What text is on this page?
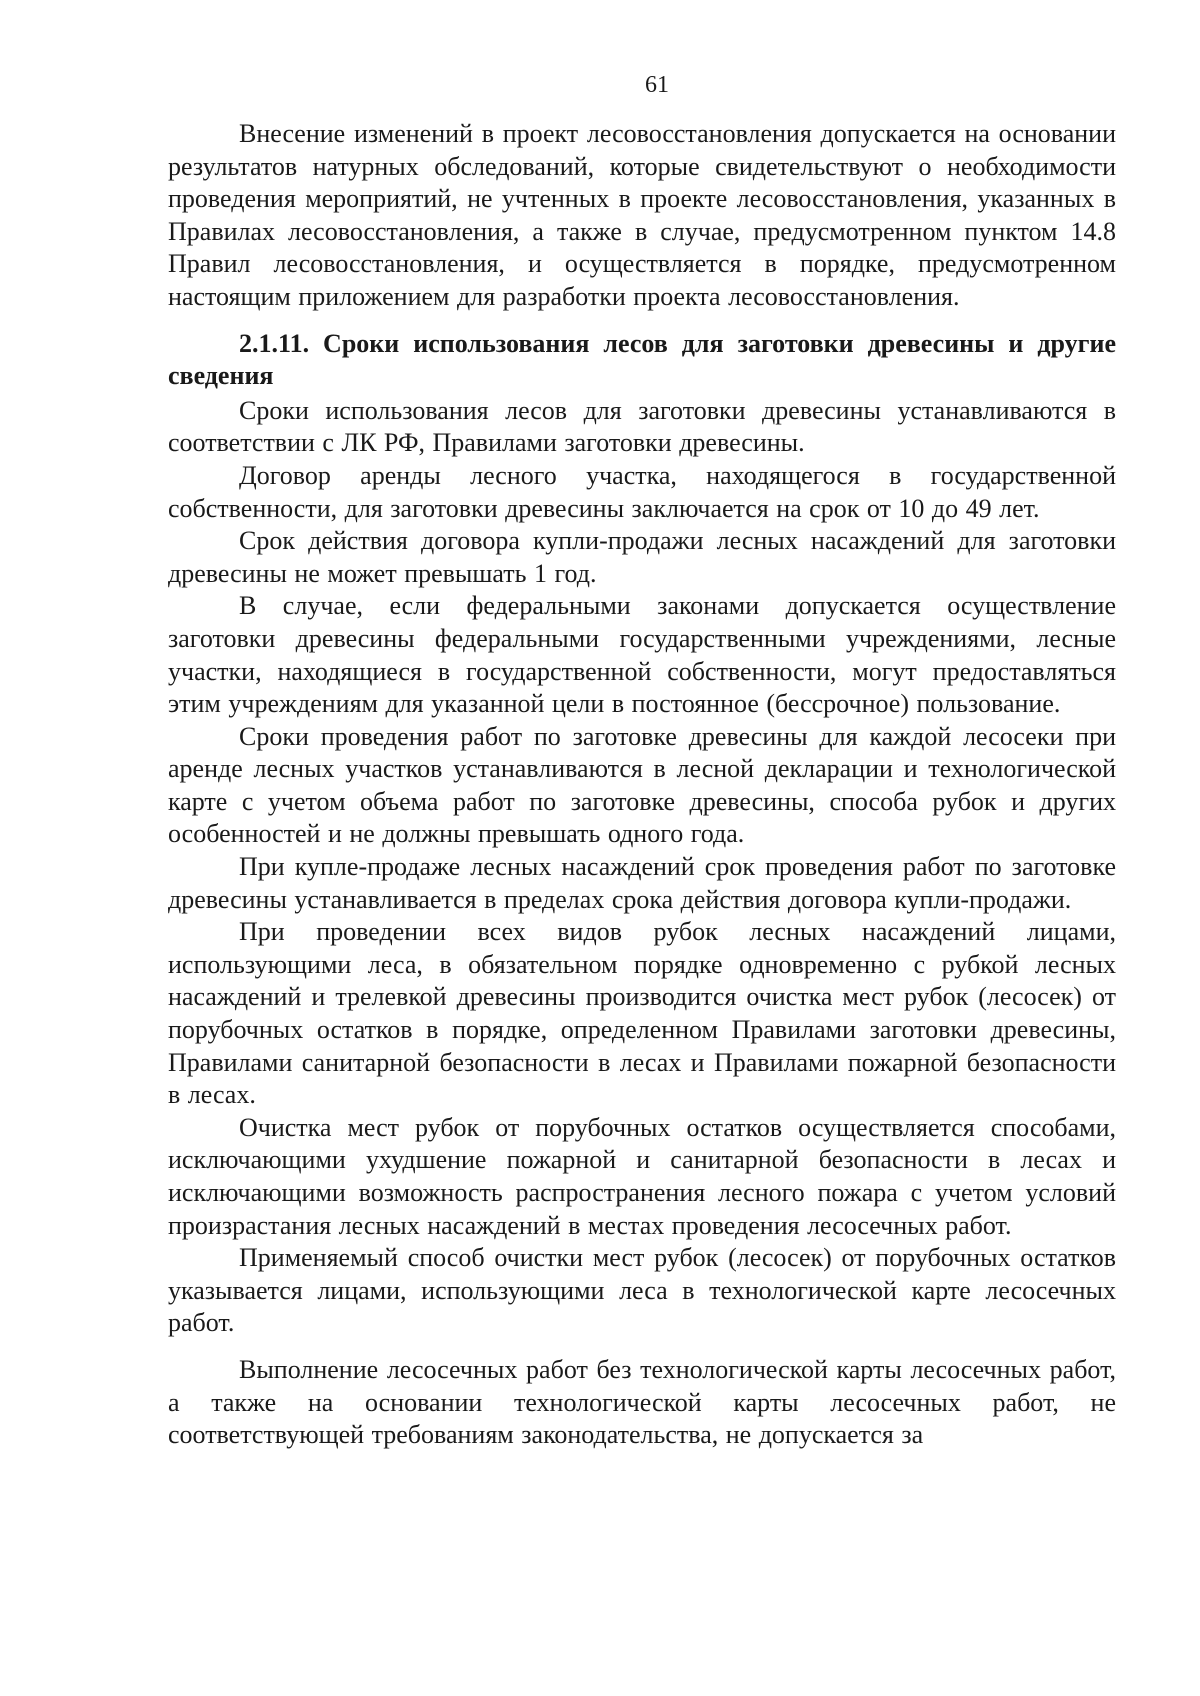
61

Внесение изменений в проект лесовосстановления допускается на основании результатов натурных обследований, которые свидетельствуют о необходимости проведения мероприятий, не учтенных в проекте лесовосстановления, указанных в Правилах лесовосстановления, а также в случае, предусмотренном пунктом 14.8 Правил лесовосстановления, и осуществляется в порядке, предусмотренном настоящим приложением для разработки проекта лесовосстановления.

2.1.11. Сроки использования лесов для заготовки древесины и другие сведения

Сроки использования лесов для заготовки древесины устанавливаются в соответствии с ЛК РФ, Правилами заготовки древесины.

Договор аренды лесного участка, находящегося в государственной собственности, для заготовки древесины заключается на срок от 10 до 49 лет.

Срок действия договора купли-продажи лесных насаждений для заготовки древесины не может превышать 1 год.

В случае, если федеральными законами допускается осуществление заготовки древесины федеральными государственными учреждениями, лесные участки, находящиеся в государственной собственности, могут предоставляться этим учреждениям для указанной цели в постоянное (бессрочное) пользование.

Сроки проведения работ по заготовке древесины для каждой лесосеки при аренде лесных участков устанавливаются в лесной декларации и технологической карте с учетом объема работ по заготовке древесины, способа рубок и других особенностей и не должны превышать одного года.

При купле-продаже лесных насаждений срок проведения работ по заготовке древесины устанавливается в пределах срока действия договора купли-продажи.

При проведении всех видов рубок лесных насаждений лицами, использующими леса, в обязательном порядке одновременно с рубкой лесных насаждений и трелевкой древесины производится очистка мест рубок (лесосек) от порубочных остатков в порядке, определенном Правилами заготовки древесины, Правилами санитарной безопасности в лесах и Правилами пожарной безопасности в лесах.

Очистка мест рубок от порубочных остатков осуществляется способами, исключающими ухудшение пожарной и санитарной безопасности в лесах и исключающими возможность распространения лесного пожара с учетом условий произрастания лесных насаждений в местах проведения лесосечных работ.

Применяемый способ очистки мест рубок (лесосек) от порубочных остатков указывается лицами, использующими леса в технологической карте лесосечных работ.

Выполнение лесосечных работ без технологической карты лесосечных работ, а также на основании технологической карты лесосечных работ, не соответствующей требованиям законодательства, не допускается за
